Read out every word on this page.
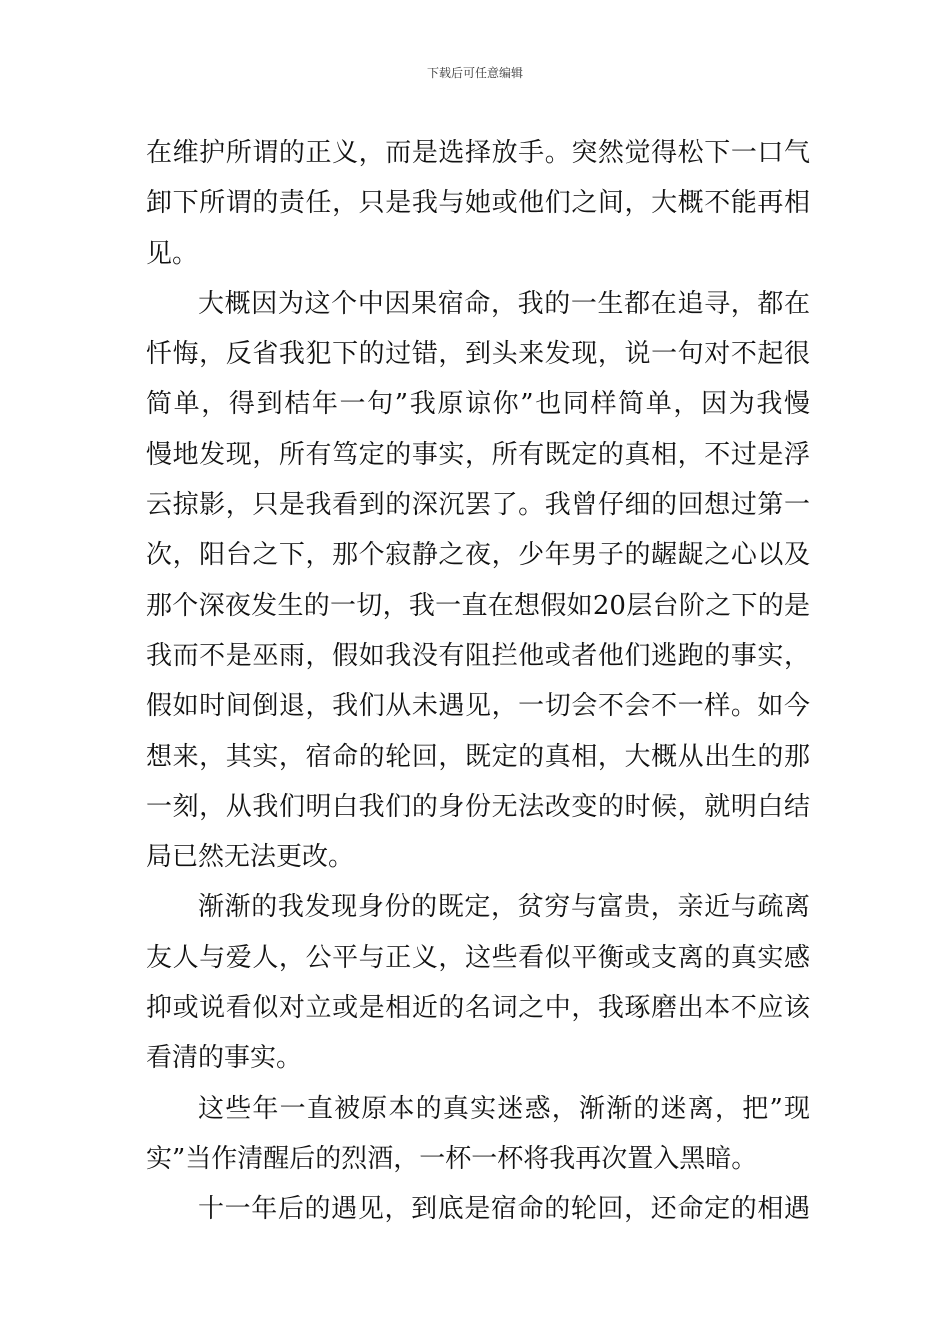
下载后可任意编辑
在维护所谓的正义，而是选择放手。突然觉得松下一口气
卸下所谓的责任，只是我与她或他们之间，大概不能再相
见。
大概因为这个中因果宿命，我的一生都在追寻，都在
忏悔，反省我犯下的过错，到头来发现，说一句对不起很
简单，得到桔年一句”我原谅你”也同样简单，因为我慢
慢地发现，所有笃定的事实，所有既定的真相，不过是浮
云掠影，只是我看到的深沉罢了。我曾仔细的回想过第一
次，阳台之下，那个寂静之夜，少年男子的龌龊之心以及
那个深夜发生的一切，我一直在想假如20层台阶之下的是
我而不是巫雨，假如我没有阻拦他或者他们逃跑的事实，
假如时间倒退，我们从未遇见，一切会不会不一样。如今
想来，其实，宿命的轮回，既定的真相，大概从出生的那
一刻，从我们明白我们的身份无法改变的时候，就明白结
局已然无法更改。
渐渐的我发现身份的既定，贫穷与富贵，亲近与疏离
友人与爱人，公平与正义，这些看似平衡或支离的真实感
抑或说看似对立或是相近的名词之中，我琢磨出本不应该
看清的事实。
这些年一直被原本的真实迷惑，渐渐的迷离，把”现
实”当作清醒后的烈酒，一杯一杯将我再次置入黑暗。
十一年后的遇见，到底是宿命的轮回，还命定的相遇
